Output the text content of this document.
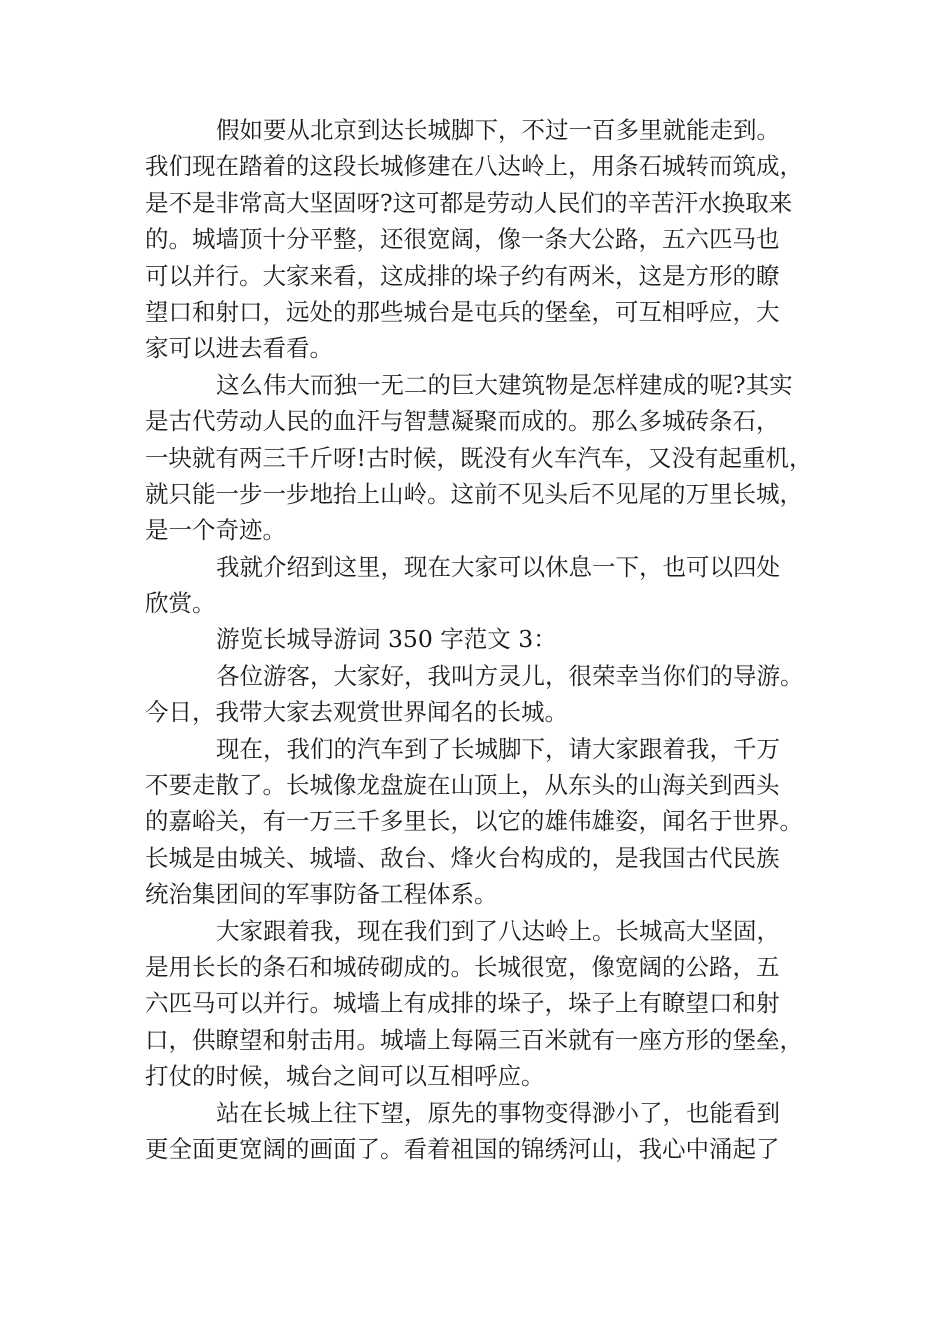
假如要从北京到达长城脚下，不过一百多里就能走到。
我们现在踏着的这段长城修建在八达岭上，用条石城转而筑成，
是不是非常高大坚固呀?这可都是劳动人民们的辛苦汗水换取来
的。城墙顶十分平整，还很宽阔，像一条大公路，五六匹马也
可以并行。大家来看，这成排的垛子约有两米，这是方形的瞭
望口和射口，远处的那些城台是屯兵的堡垒，可互相呼应，大
家可以进去看看。
这么伟大而独一无二的巨大建筑物是怎样建成的呢?其实
是古代劳动人民的血汗与智慧凝聚而成的。那么多城砖条石，
一块就有两三千斤呀!古时候，既没有火车汽车，又没有起重机，
就只能一步一步地抬上山岭。这前不见头后不见尾的万里长城，
是一个奇迹。
我就介绍到这里，现在大家可以休息一下，也可以四处
欣赏。
游览长城导游词 350 字范文 3：
各位游客，大家好，我叫方灵儿，很荣幸当你们的导游。
今日，我带大家去观赏世界闻名的长城。
现在，我们的汽车到了长城脚下，请大家跟着我，千万
不要走散了。长城像龙盘旋在山顶上，从东头的山海关到西头
的嘉峪关，有一万三千多里长，以它的雄伟雄姿，闻名于世界。
长城是由城关、城墙、敌台、烽火台构成的，是我国古代民族
统治集团间的军事防备工程体系。
大家跟着我，现在我们到了八达岭上。长城高大坚固，
是用长长的条石和城砖砌成的。长城很宽，像宽阔的公路，五
六匹马可以并行。城墙上有成排的垛子，垛子上有瞭望口和射
口，供瞭望和射击用。城墙上每隔三百米就有一座方形的堡垒，
打仗的时候，城台之间可以互相呼应。
站在长城上往下望，原先的事物变得渺小了，也能看到
更全面更宽阔的画面了。看着祖国的锦绣河山，我心中涌起了
